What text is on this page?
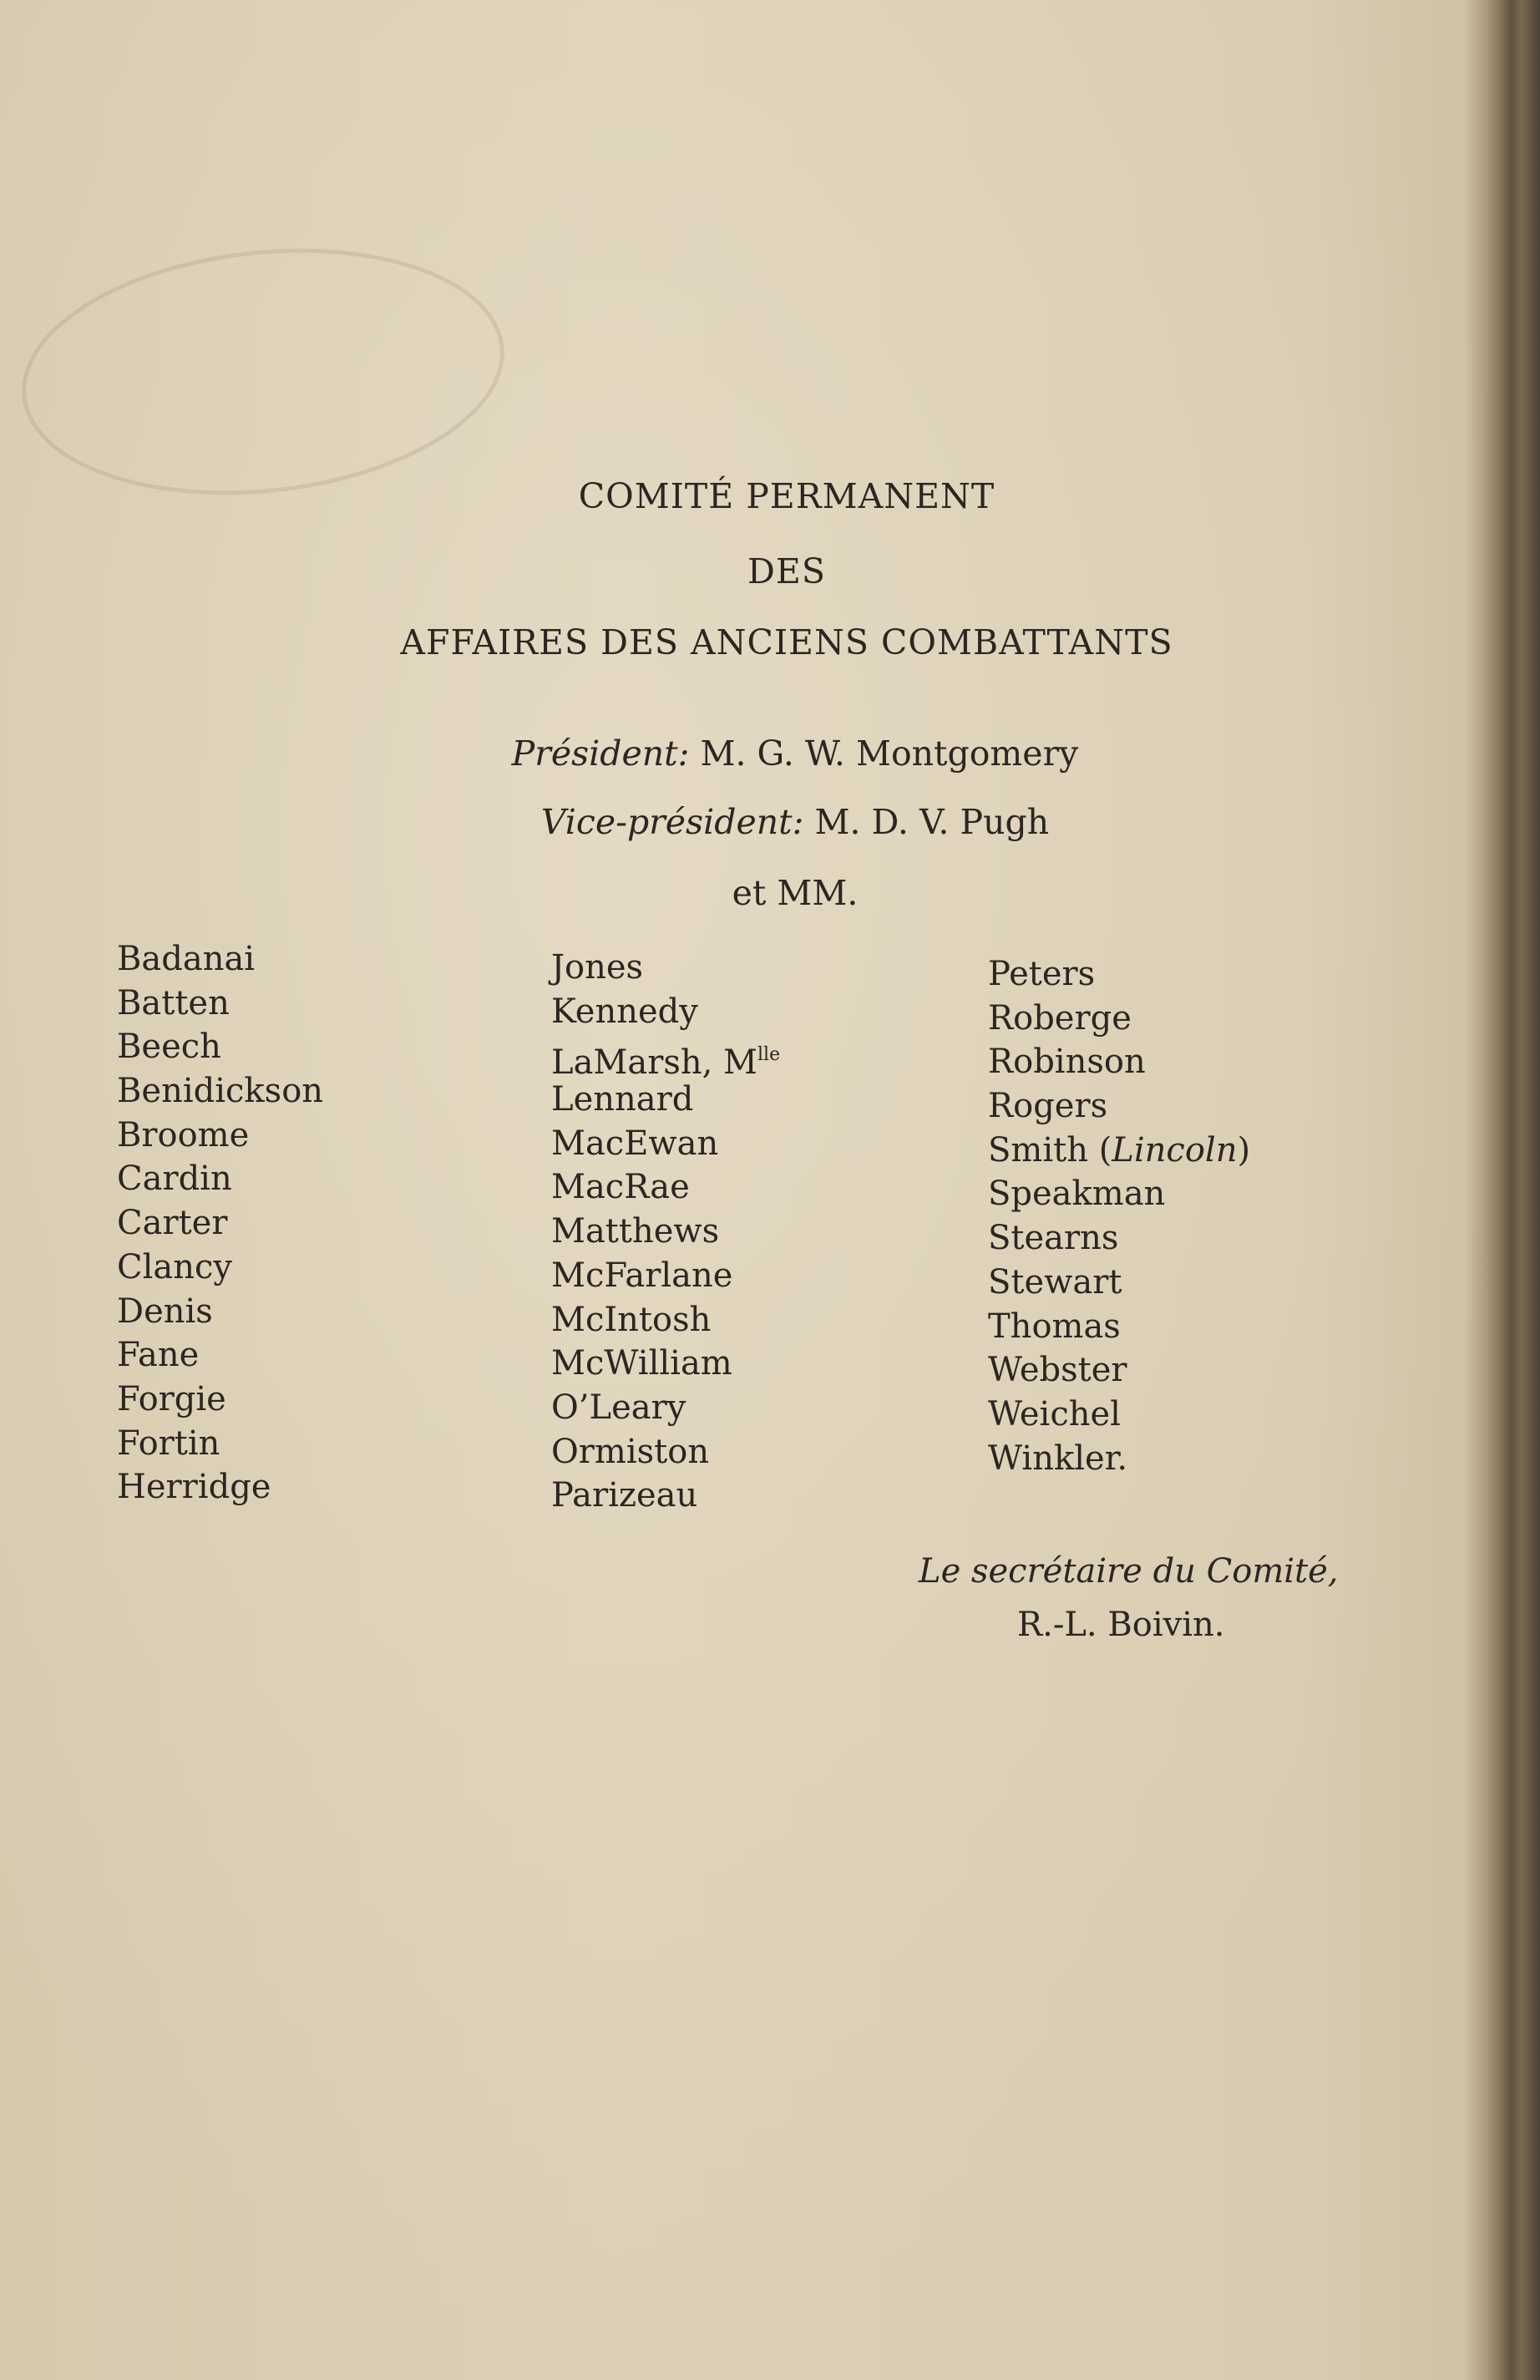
COMITÉ PERMANENT
DES
AFFAIRES DES ANCIENS COMBATTANTS
Président: M. G. W. Montgomery
Vice-président: M. D. V. Pugh
et MM.
Badanai
Batten
Beech
Benidickson
Broome
Cardin
Carter
Clancy
Denis
Fane
Forgie
Fortin
Herridge
Jones
Kennedy
LaMarsh, $M^{lle}$
Lennard
MacEwan
MacRae
Matthews
McFarlane
McIntosh
McWilliam
O’Leary
Ormiston
Parizeau
Peters
Roberge
Robinson
Rogers
Smith (Lincoln)
Speakman
Stearns
Stewart
Thomas
Webster
Weichel
Winkler.
Le secrétaire du Comité,
R.-L. Boivin.
